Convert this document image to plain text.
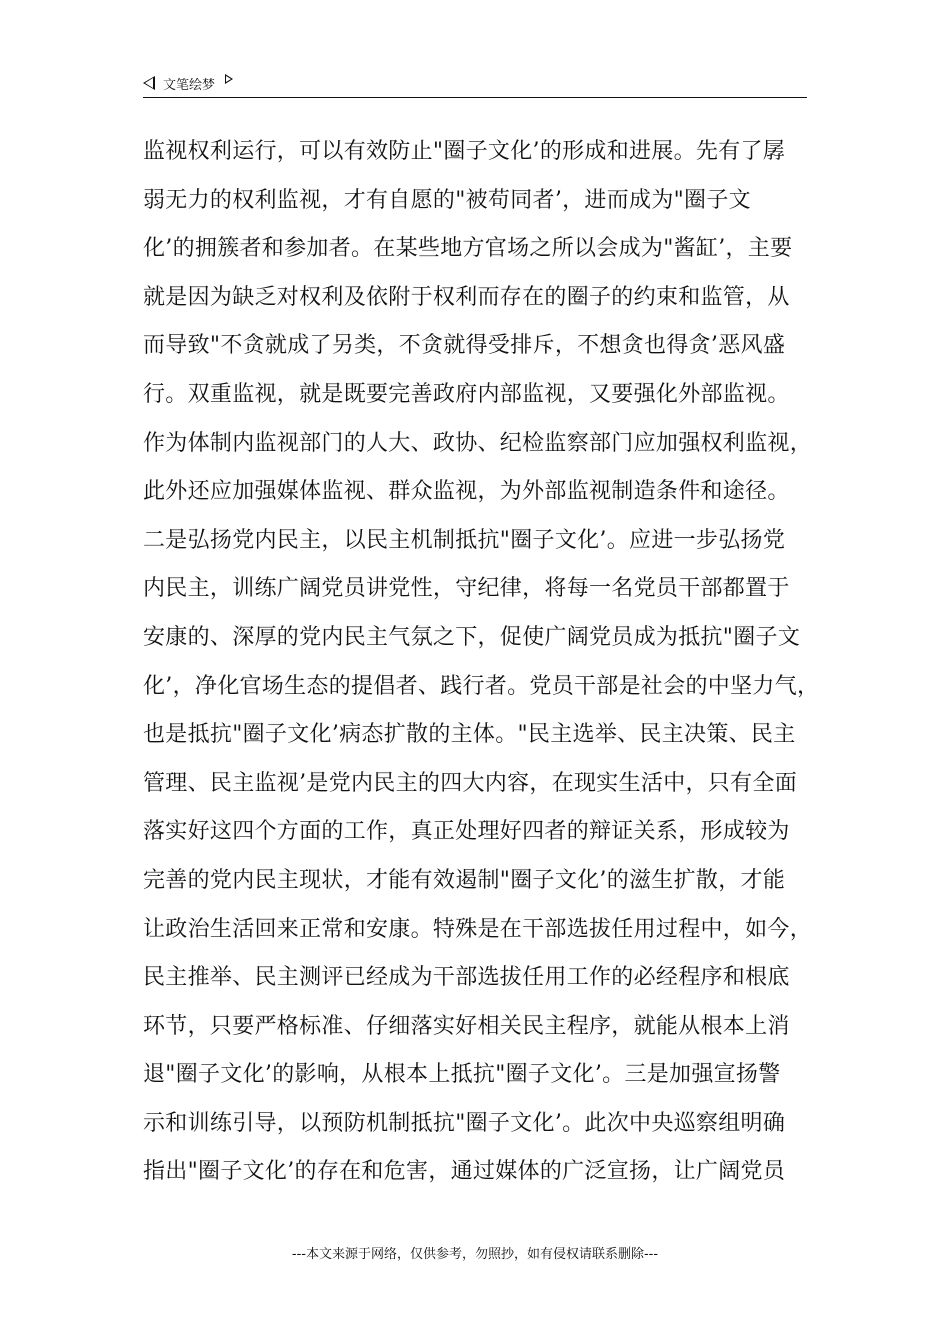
文笔绘梦
监视权利运行，可以有效防止"圈子文化’的形成和进展。先有了孱
弱无力的权利监视，才有自愿的"被苟同者’，进而成为"圈子文
化’的拥簇者和参加者。在某些地方官场之所以会成为"酱缸’，主要
就是因为缺乏对权利及依附于权利而存在的圈子的约束和监管，从
而导致"不贪就成了另类，不贪就得受排斥，不想贪也得贪’恶风盛
行。双重监视，就是既要完善政府内部监视，又要强化外部监视。
作为体制内监视部门的人大、政协、纪检监察部门应加强权利监视，
此外还应加强媒体监视、群众监视，为外部监视制造条件和途径。
二是弘扬党内民主，以民主机制抵抗"圈子文化’。应进一步弘扬党
内民主，训练广阔党员讲党性，守纪律，将每一名党员干部都置于
安康的、深厚的党内民主气氛之下，促使广阔党员成为抵抗"圈子文
化’，净化官场生态的提倡者、践行者。党员干部是社会的中坚力气，
也是抵抗"圈子文化’病态扩散的主体。"民主选举、民主决策、民主
管理、民主监视’是党内民主的四大内容，在现实生活中，只有全面
落实好这四个方面的工作，真正处理好四者的辩证关系，形成较为
完善的党内民主现状，才能有效遏制"圈子文化’的滋生扩散，才能
让政治生活回来正常和安康。特殊是在干部选拔任用过程中，如今，
民主推举、民主测评已经成为干部选拔任用工作的必经程序和根底
环节，只要严格标准、仔细落实好相关民主程序，就能从根本上消
退"圈子文化’的影响，从根本上抵抗"圈子文化’。三是加强宣扬警
示和训练引导，以预防机制抵抗"圈子文化’。此次中央巡察组明确
指出"圈子文化’的存在和危害，通过媒体的广泛宣扬，让广阔党员
---本文来源于网络，仅供参考，勿照抄，如有侵权请联系删除---
